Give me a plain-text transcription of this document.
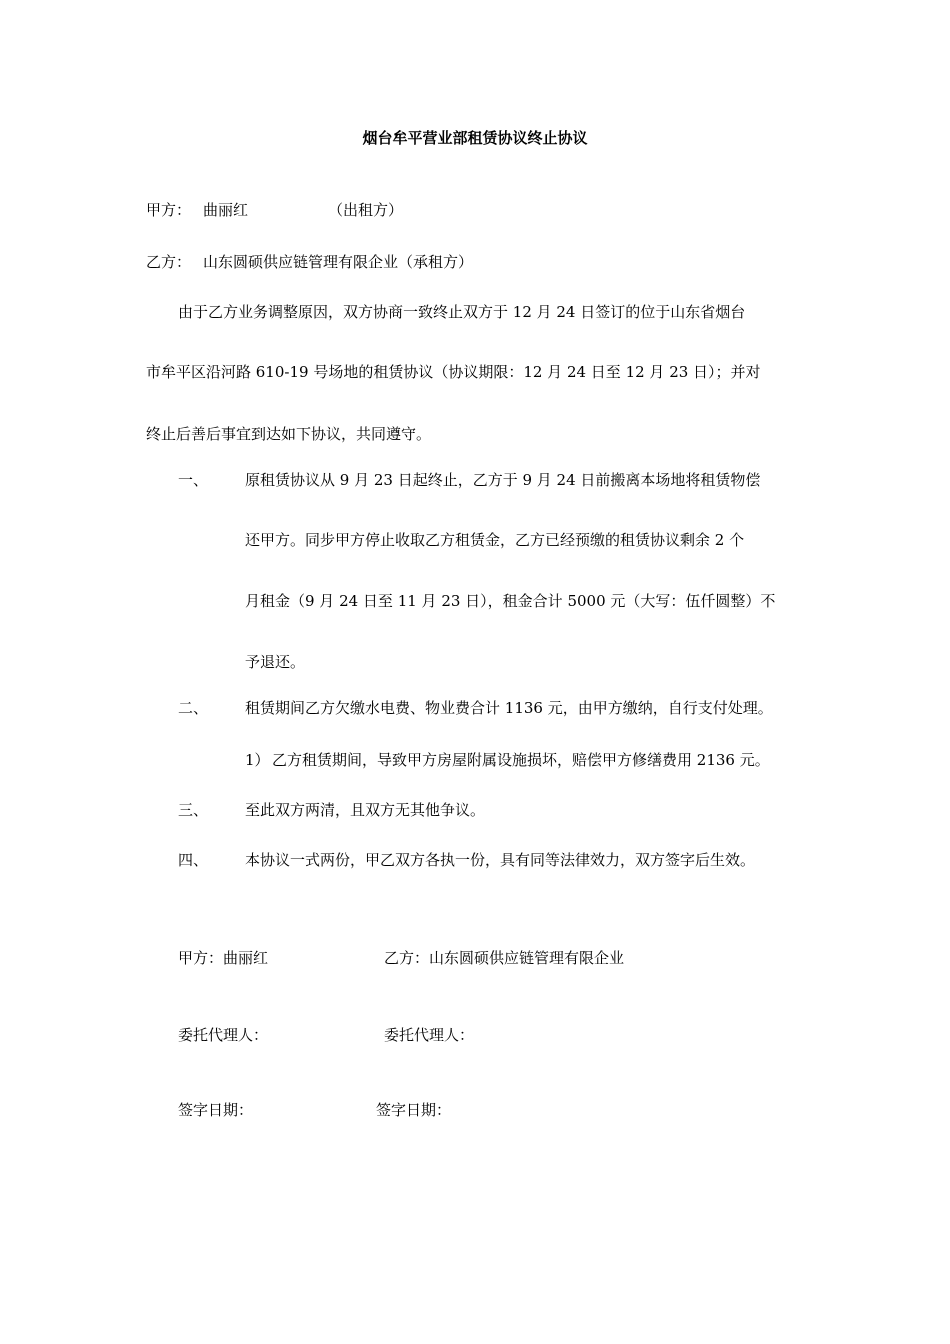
烟台牟平营业部租赁协议终止协议
甲方： 曲丽红	（出租方）
乙方： 山东圆硕供应链管理有限企业（承租方）
由于乙方业务调整原因，双方协商一致终止双方于 12 月 24 日签订的位于山东省烟台
市牟平区沿河路 610-19 号场地的租赁协议（协议期限：12 月 24 日至 12 月 23 日）；并对
终止后善后事宜到达如下协议，共同遵守。
一、 原租赁协议从 9 月 23 日起终止，乙方于 9 月 24 日前搬离本场地将租赁物偿
还甲方。同步甲方停止收取乙方租赁金，乙方已经预缴的租赁协议剩余 2 个
月租金（9 月 24 日至 11 月 23 日），租金合计 5000 元（大写：伍仟圆整）不
予退还。
二、 租赁期间乙方欠缴水电费、物业费合计 1136 元，由甲方缴纳，自行支付处理。
1） 乙方租赁期间，导致甲方房屋附属设施损坏，赔偿甲方修缮费用 2136 元。
三、 至此双方两清，且双方无其他争议。
四、 本协议一式两份，甲乙双方各执一份，具有同等法律效力，双方签字后生效。
甲方：曲丽红	乙方：山东圆硕供应链管理有限企业
委托代理人：	委托代理人：
签字日期：	签字日期：
